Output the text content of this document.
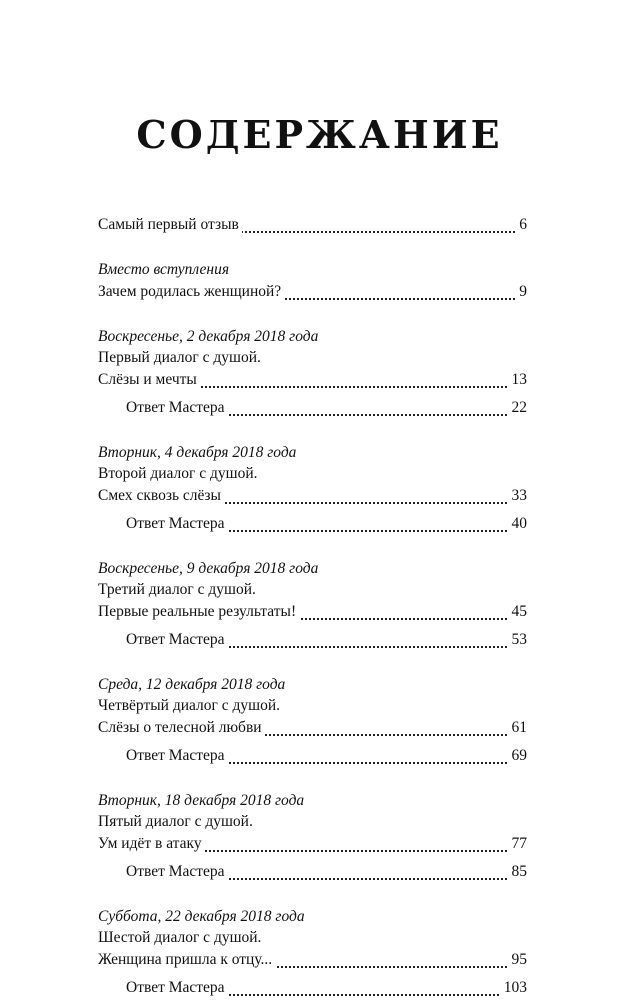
СОДЕРЖАНИЕ
Самый первый отзыв	6
Вместо вступления
Зачем родилась женщиной?	9
Воскресенье, 2 декабря 2018 года
Первый диалог с душой.
Слёзы и мечты	13
Ответ Мастера	22
Вторник, 4 декабря 2018 года
Второй диалог с душой.
Смех сквозь слёзы	33
Ответ Мастера	40
Воскресенье, 9 декабря 2018 года
Третий диалог с душой.
Первые реальные результаты!	45
Ответ Мастера	53
Среда, 12 декабря 2018 года
Четвёртый диалог с душой.
Слёзы о телесной любви	61
Ответ Мастера	69
Вторник, 18 декабря 2018 года
Пятый диалог с душой.
Ум идёт в атаку	77
Ответ Мастера	85
Суббота, 22 декабря 2018 года
Шестой диалог с душой.
Женщина пришла к отцу...	95
Ответ Мастера	103
